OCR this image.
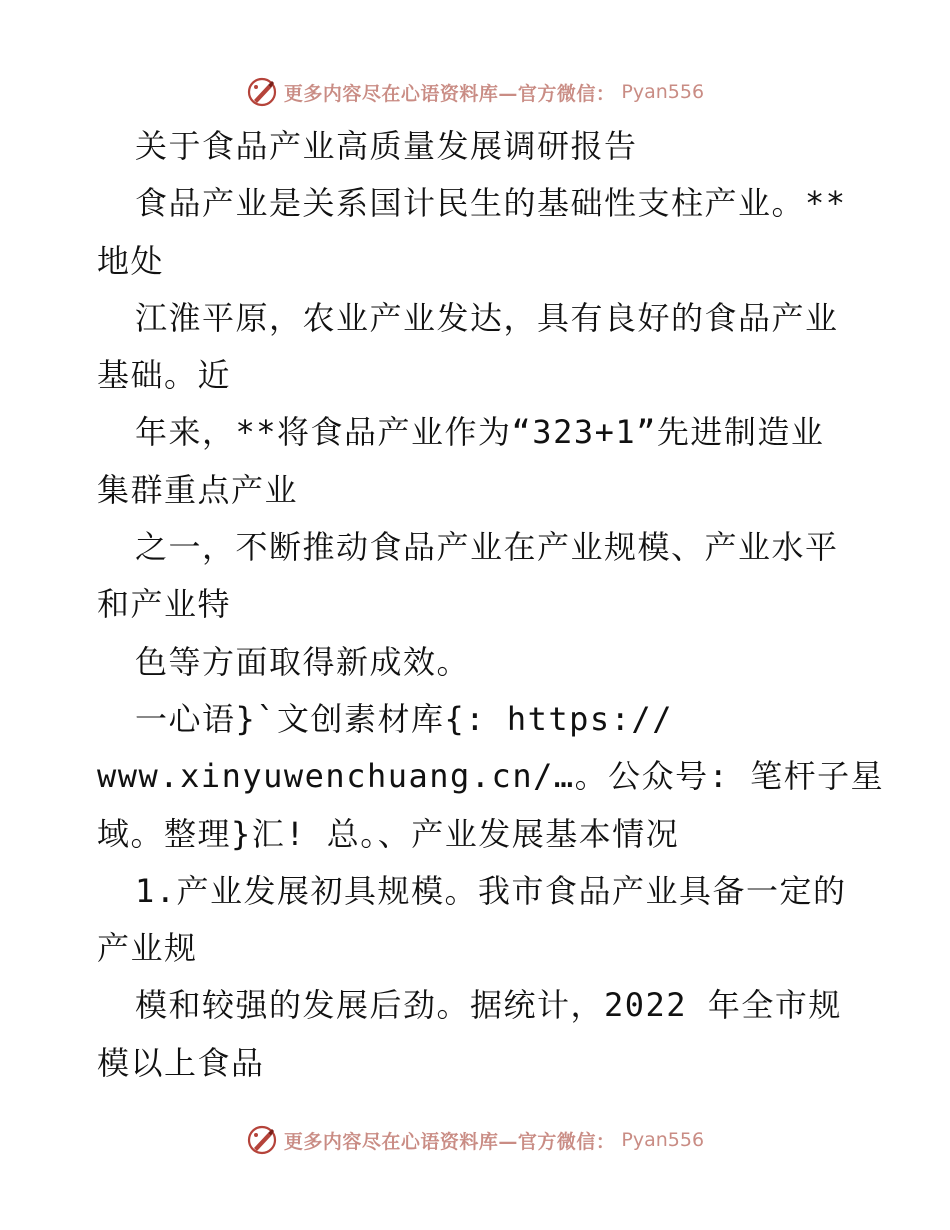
更多内容尽在心语资料库—官方微信： Pyan556
关于食品产业高质量发展调研报告
食品产业是关系国计民生的基础性支柱产业。**
地处
江淮平原，农业产业发达，具有良好的食品产业
基础。近
年来，**将食品产业作为“323+1”先进制造业
集群重点产业
之一，不断推动食品产业在产业规模、产业水平
和产业特
色等方面取得新成效。
一心语}`文创素材库{: https://
www.xinyuwenchuang.cn/…。公众号: 笔杆子星
域。整理}汇! 总。、产业发展基本情况
1.产业发展初具规模。我市食品产业具备一定的
产业规
模和较强的发展后劲。据统计，2022 年全市规
模以上食品
更多内容尽在心语资料库—官方微信： Pyan556
